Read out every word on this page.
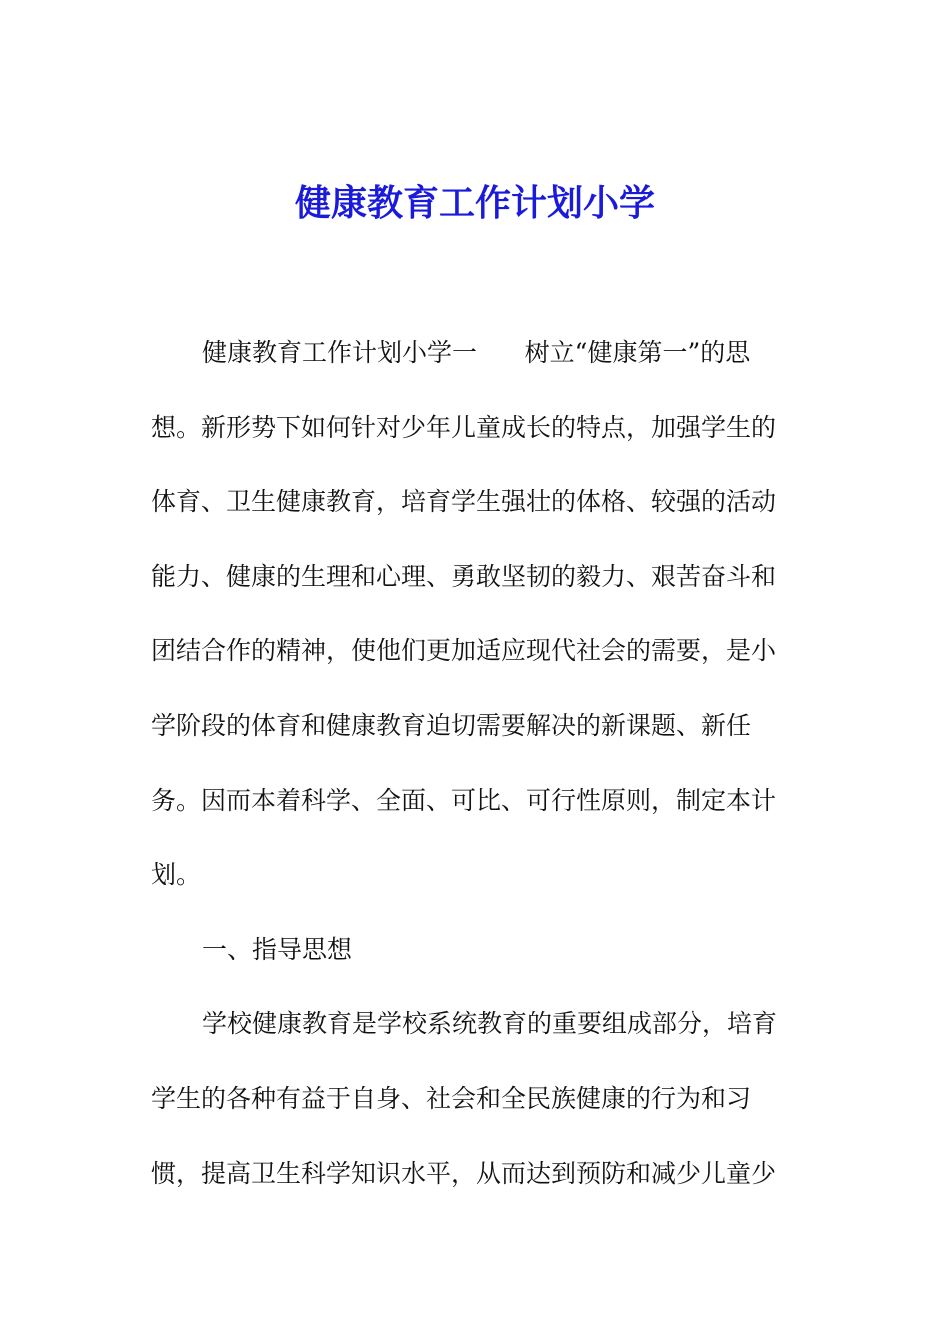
健康教育工作计划小学
健康教育工作计划小学一      树立“健康第一”的思
想。新形势下如何针对少年儿童成长的特点，加强学生的
体育、卫生健康教育，培育学生强壮的体格、较强的活动
能力、健康的生理和心理、勇敢坚韧的毅力、艰苦奋斗和
团结合作的精神，使他们更加适应现代社会的需要，是小
学阶段的体育和健康教育迫切需要解决的新课题、新任
务。因而本着科学、全面、可比、可行性原则，制定本计
划。
一、指导思想
学校健康教育是学校系统教育的重要组成部分，培育
学生的各种有益于自身、社会和全民族健康的行为和习
惯，提高卫生科学知识水平，从而达到预防和减少儿童少
